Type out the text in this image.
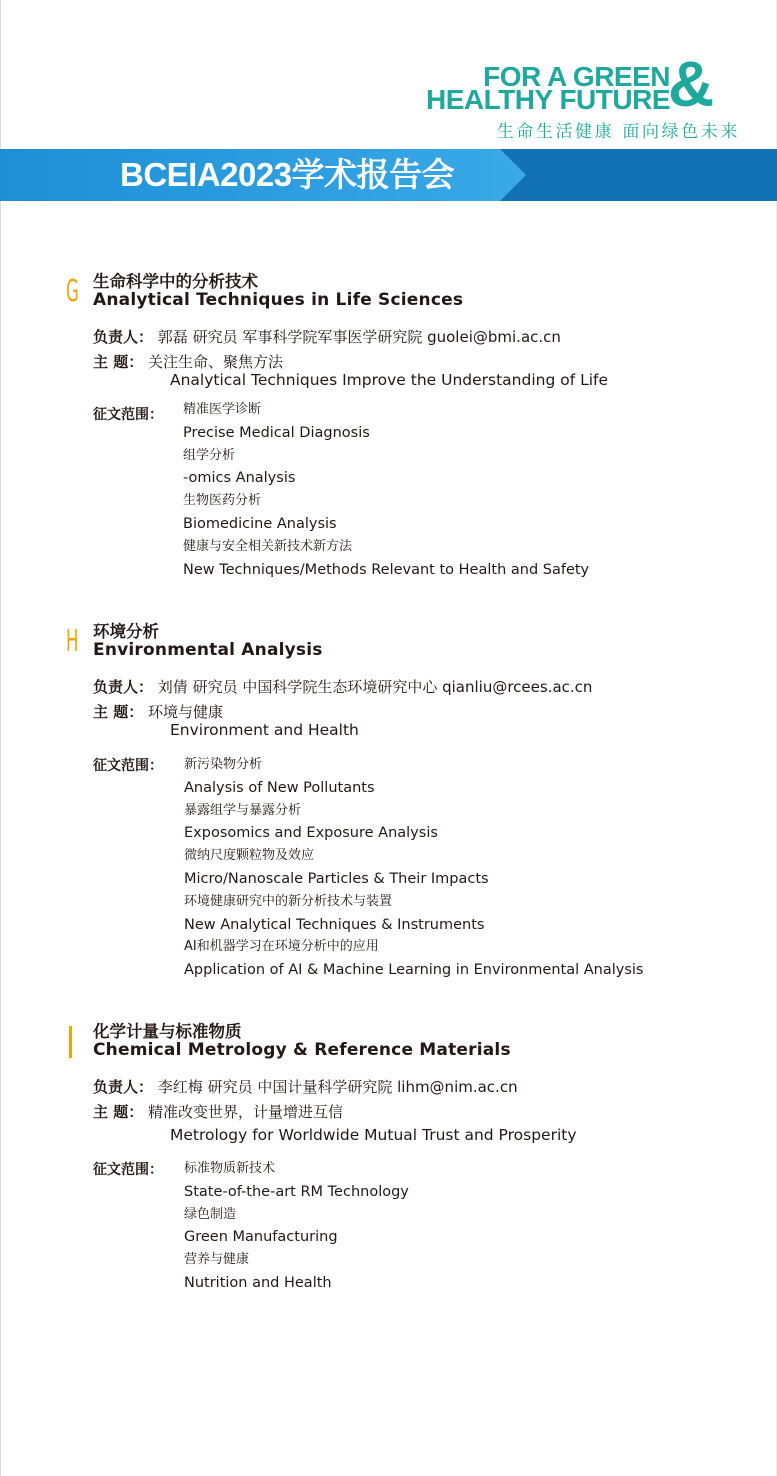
FOR A GREEN
HEALTHY FUTURE
&
生命生活健康 面向绿色未来
BCEIA2023学术报告会
G 生命科学中的分析技术
Analytical Techniques in Life Sciences
负责人： 郭磊 研究员 军事科学院军事医学研究院 guolei@bmi.ac.cn
主 题： 关注生命、聚焦方法
Analytical Techniques Improve the Understanding of Life
征文范围： 精准医学诊断
Precise Medical Diagnosis
组学分析
-omics Analysis
生物医药分析
Biomedicine Analysis
健康与安全相关新技术新方法
New Techniques/Methods Relevant to Health and Safety
H 环境分析
Environmental Analysis
负责人： 刘倩 研究员 中国科学院生态环境研究中心 qianliu@rcees.ac.cn
主 题： 环境与健康
Environment and Health
征文范围： 新污染物分析
Analysis of New Pollutants
暴露组学与暴露分析
Exposomics and Exposure Analysis
微纳尺度颗粒物及效应
Micro/Nanoscale Particles & Their Impacts
环境健康研究中的新分析技术与装置
New Analytical Techniques & Instruments
AI和机器学习在环境分析中的应用
Application of AI & Machine Learning in Environmental Analysis
化学计量与标准物质
Chemical Metrology & Reference Materials
负责人： 李红梅 研究员 中国计量科学研究院 lihm@nim.ac.cn
主 题： 精准改变世界，计量增进互信
Metrology for Worldwide Mutual Trust and Prosperity
征文范围： 标准物质新技术
State-of-the-art RM Technology
绿色制造
Green Manufacturing
营养与健康
Nutrition and Health
